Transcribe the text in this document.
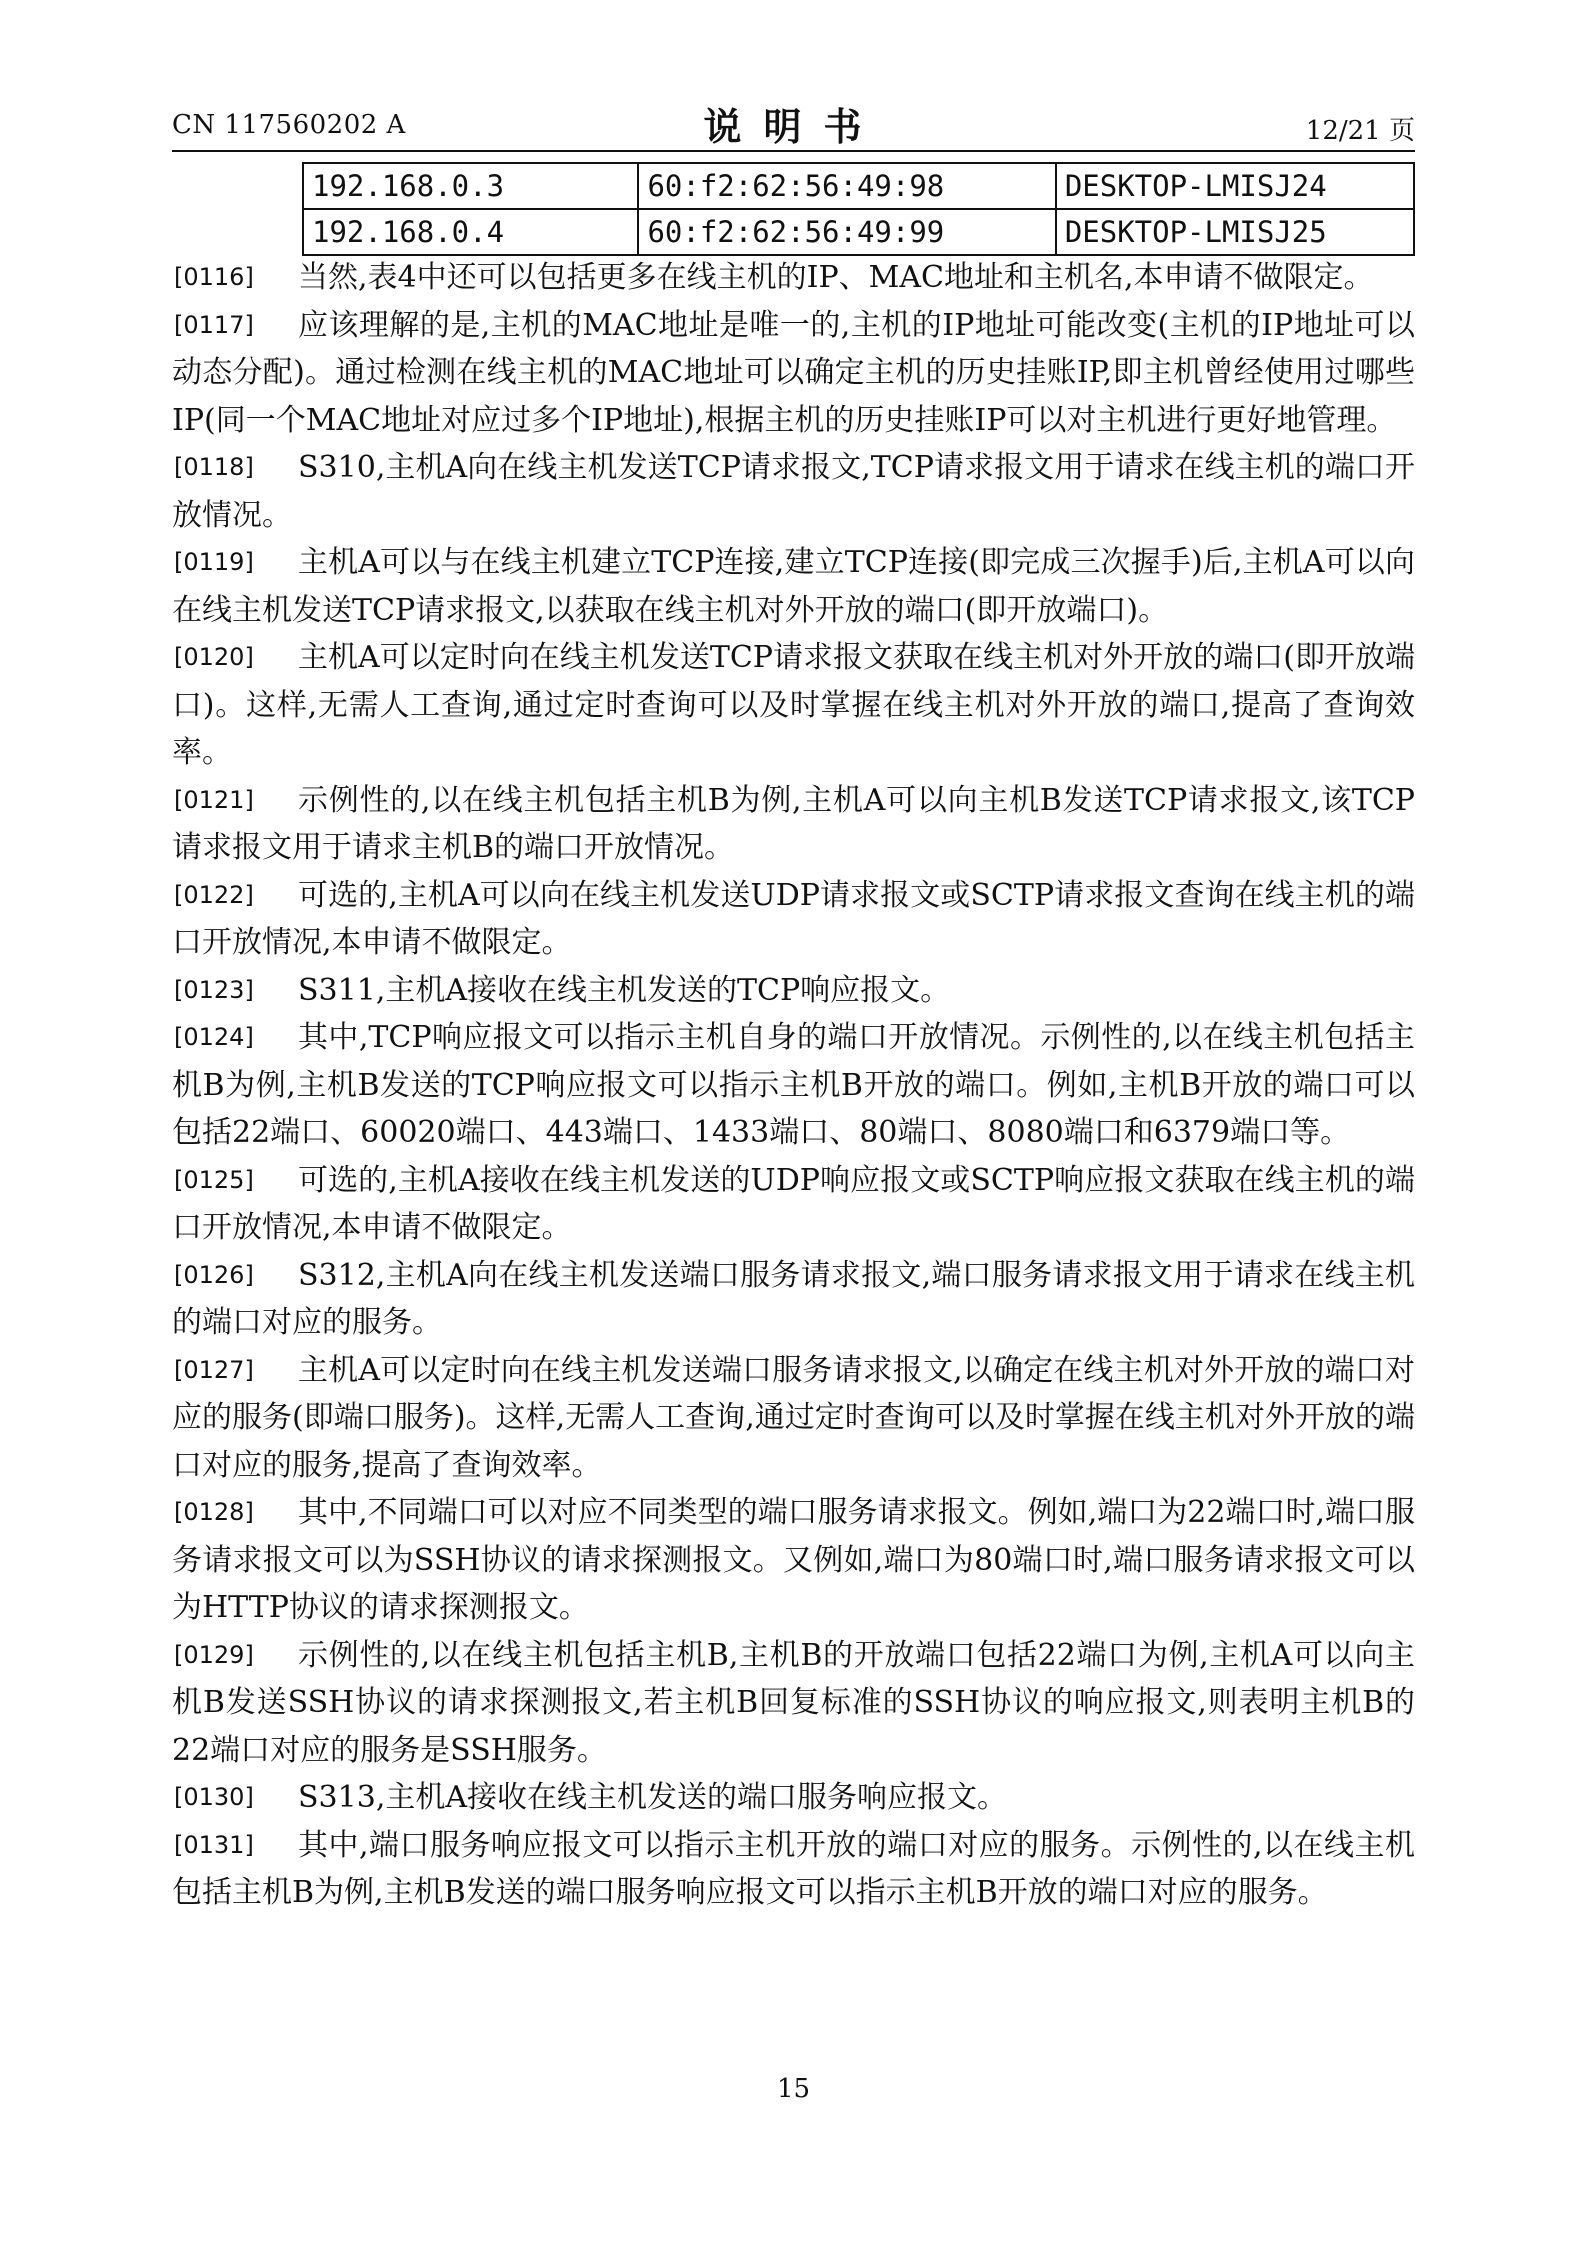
CN 117560202 A	说明书	12/21 页
192.168.0.3	60:f2:62:56:49:98	DESKTOP-LMISJ24
192.168.0.4	60:f2:62:56:49:99	DESKTOP-LMISJ25
[0116]	当然,表4中还可以包括更多在线主机的IP、MAC地址和主机名,本申请不做限定。
[0117]	应该理解的是,主机的MAC地址是唯一的,主机的IP地址可能改变(主机的IP地址可以动态分配)。通过检测在线主机的MAC地址可以确定主机的历史挂账IP,即主机曾经使用过哪些IP(同一个MAC地址对应过多个IP地址),根据主机的历史挂账IP可以对主机进行更好地管理。
[0118]	S310,主机A向在线主机发送TCP请求报文,TCP请求报文用于请求在线主机的端口开放情况。
[0119]	主机A可以与在线主机建立TCP连接,建立TCP连接(即完成三次握手)后,主机A可以向在线主机发送TCP请求报文,以获取在线主机对外开放的端口(即开放端口)。
[0120]	主机A可以定时向在线主机发送TCP请求报文获取在线主机对外开放的端口(即开放端口)。这样,无需人工查询,通过定时查询可以及时掌握在线主机对外开放的端口,提高了查询效率。
[0121]	示例性的,以在线主机包括主机B为例,主机A可以向主机B发送TCP请求报文,该TCP请求报文用于请求主机B的端口开放情况。
[0122]	可选的,主机A可以向在线主机发送UDP请求报文或SCTP请求报文查询在线主机的端口开放情况,本申请不做限定。
[0123]	S311,主机A接收在线主机发送的TCP响应报文。
[0124]	其中,TCP响应报文可以指示主机自身的端口开放情况。示例性的,以在线主机包括主机B为例,主机B发送的TCP响应报文可以指示主机B开放的端口。例如,主机B开放的端口可以包括22端口、60020端口、443端口、1433端口、80端口、8080端口和6379端口等。
[0125]	可选的,主机A接收在线主机发送的UDP响应报文或SCTP响应报文获取在线主机的端口开放情况,本申请不做限定。
[0126]	S312,主机A向在线主机发送端口服务请求报文,端口服务请求报文用于请求在线主机的端口对应的服务。
[0127]	主机A可以定时向在线主机发送端口服务请求报文,以确定在线主机对外开放的端口对应的服务(即端口服务)。这样,无需人工查询,通过定时查询可以及时掌握在线主机对外开放的端口对应的服务,提高了查询效率。
[0128]	其中,不同端口可以对应不同类型的端口服务请求报文。例如,端口为22端口时,端口服务请求报文可以为SSH协议的请求探测报文。又例如,端口为80端口时,端口服务请求报文可以为HTTP协议的请求探测报文。
[0129]	示例性的,以在线主机包括主机B,主机B的开放端口包括22端口为例,主机A可以向主机B发送SSH协议的请求探测报文,若主机B回复标准的SSH协议的响应报文,则表明主机B的22端口对应的服务是SSH服务。
[0130]	S313,主机A接收在线主机发送的端口服务响应报文。
[0131]	其中,端口服务响应报文可以指示主机开放的端口对应的服务。示例性的,以在线主机包括主机B为例,主机B发送的端口服务响应报文可以指示主机B开放的端口对应的服务。
15
